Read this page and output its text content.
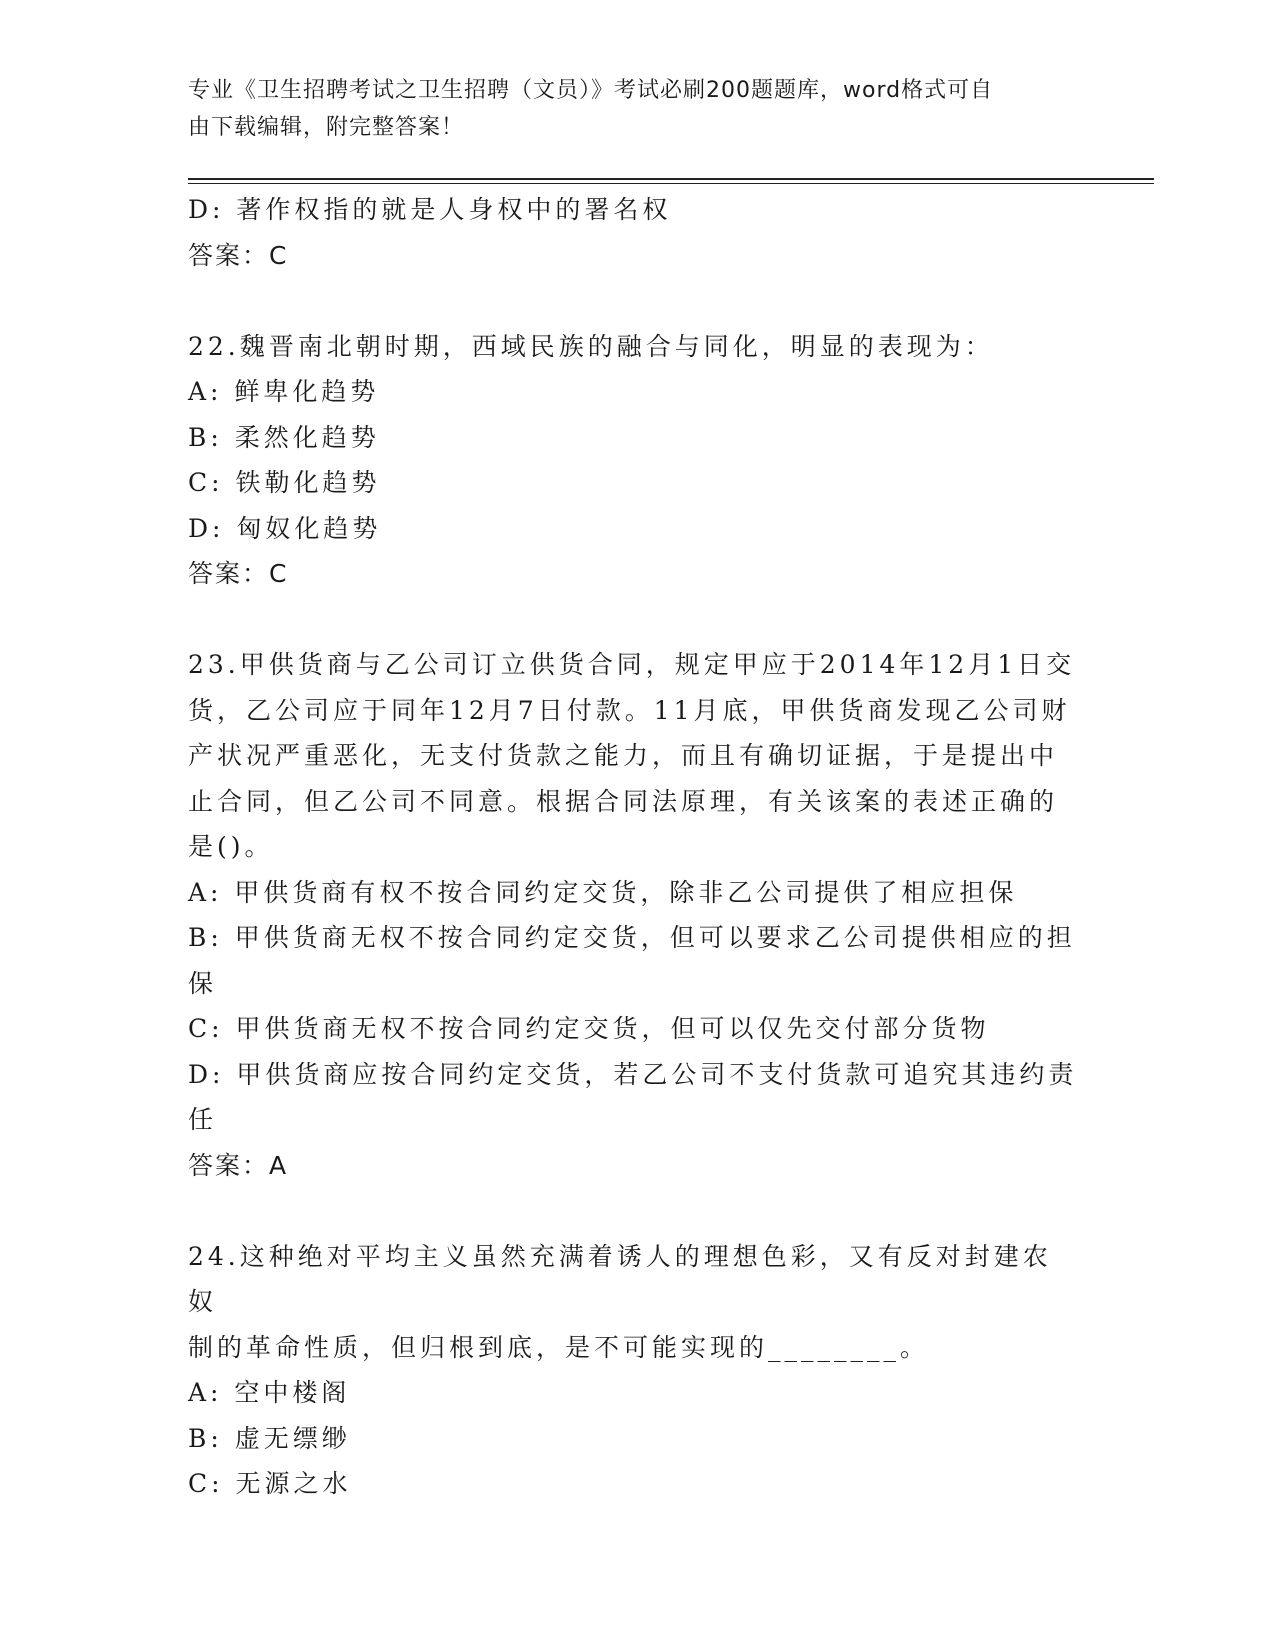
专业《卫生招聘考试之卫生招聘（文员）》考试必刷200题题库，word格式可自
由下载编辑，附完整答案！
D: 著作权指的就是人身权中的署名权
答案：C
22.魏晋南北朝时期，西域民族的融合与同化，明显的表现为：
A: 鲜卑化趋势
B: 柔然化趋势
C: 铁勒化趋势
D: 匈奴化趋势
答案：C
23.甲供货商与乙公司订立供货合同，规定甲应于2014年12月1日交
货，乙公司应于同年12月7日付款。11月底，甲供货商发现乙公司财
产状况严重恶化，无支付货款之能力，而且有确切证据，于是提出中
止合同，但乙公司不同意。根据合同法原理，有关该案的表述正确的
是()。
A: 甲供货商有权不按合同约定交货，除非乙公司提供了相应担保
B: 甲供货商无权不按合同约定交货，但可以要求乙公司提供相应的担
保
C: 甲供货商无权不按合同约定交货，但可以仅先交付部分货物
D: 甲供货商应按合同约定交货，若乙公司不支付货款可追究其违约责
任
答案：A
24.这种绝对平均主义虽然充满着诱人的理想色彩，又有反对封建农奴
制的革命性质，但归根到底，是不可能实现的________。
A: 空中楼阁
B: 虚无缥缈
C: 无源之水
